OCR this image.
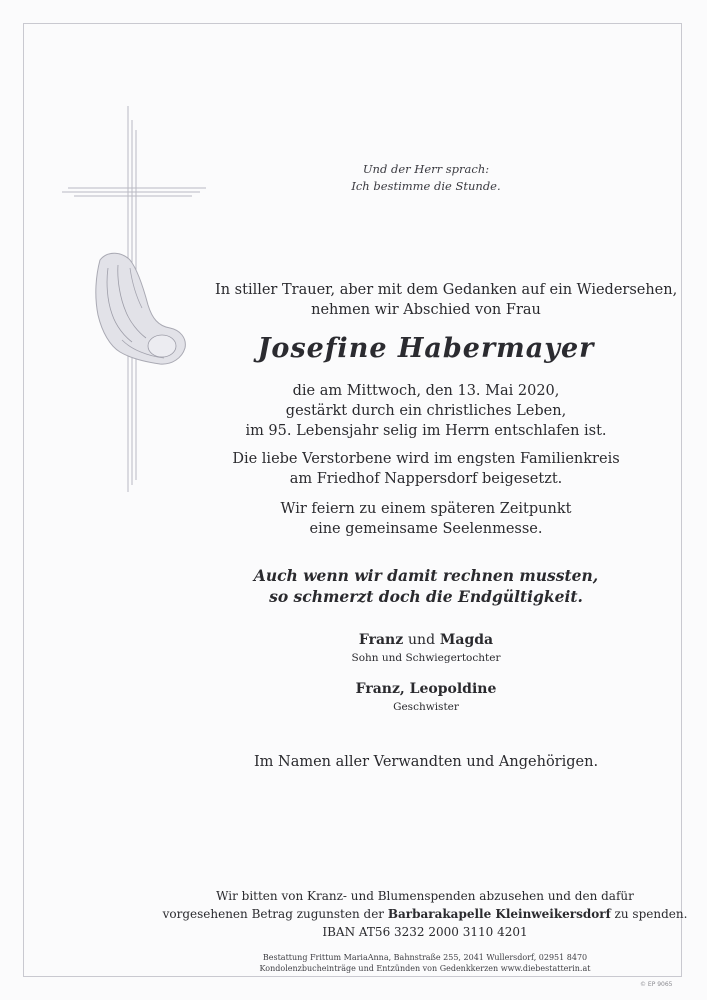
Und der Herr sprach:
Ich bestimme die Stunde.
In stiller Trauer, aber mit dem Gedanken auf ein Wiedersehen,
nehmen wir Abschied von Frau
Josefine Habermayer
die am Mittwoch, den 13. Mai 2020,
gestärkt durch ein christliches Leben,
im 95. Lebensjahr selig im Herrn entschlafen ist.
Die liebe Verstorbene wird im engsten Familienkreis
am Friedhof Nappersdorf beigesetzt.
Wir feiern zu einem späteren Zeitpunkt
eine gemeinsame Seelenmesse.
Auch wenn wir damit rechnen mussten,
so schmerzt doch die Endgültigkeit.
Franz und Magda
Sohn und Schwiegertochter
Franz, Leopoldine
Geschwister
Im Namen aller Verwandten und Angehörigen.
Wir bitten von Kranz- und Blumenspenden abzusehen und den dafür
vorgesehenen Betrag zugunsten der Barbarakapelle Kleinweikersdorf zu spenden.
IBAN AT56 3232 2000 3110 4201
Bestattung Frittum MariaAnna, Bahnstraße 255, 2041 Wullersdorf, 02951 8470
Kondolenzbucheinträge und Entzünden von Gedenkkerzen www.diebestatterin.at
© EP 9065
